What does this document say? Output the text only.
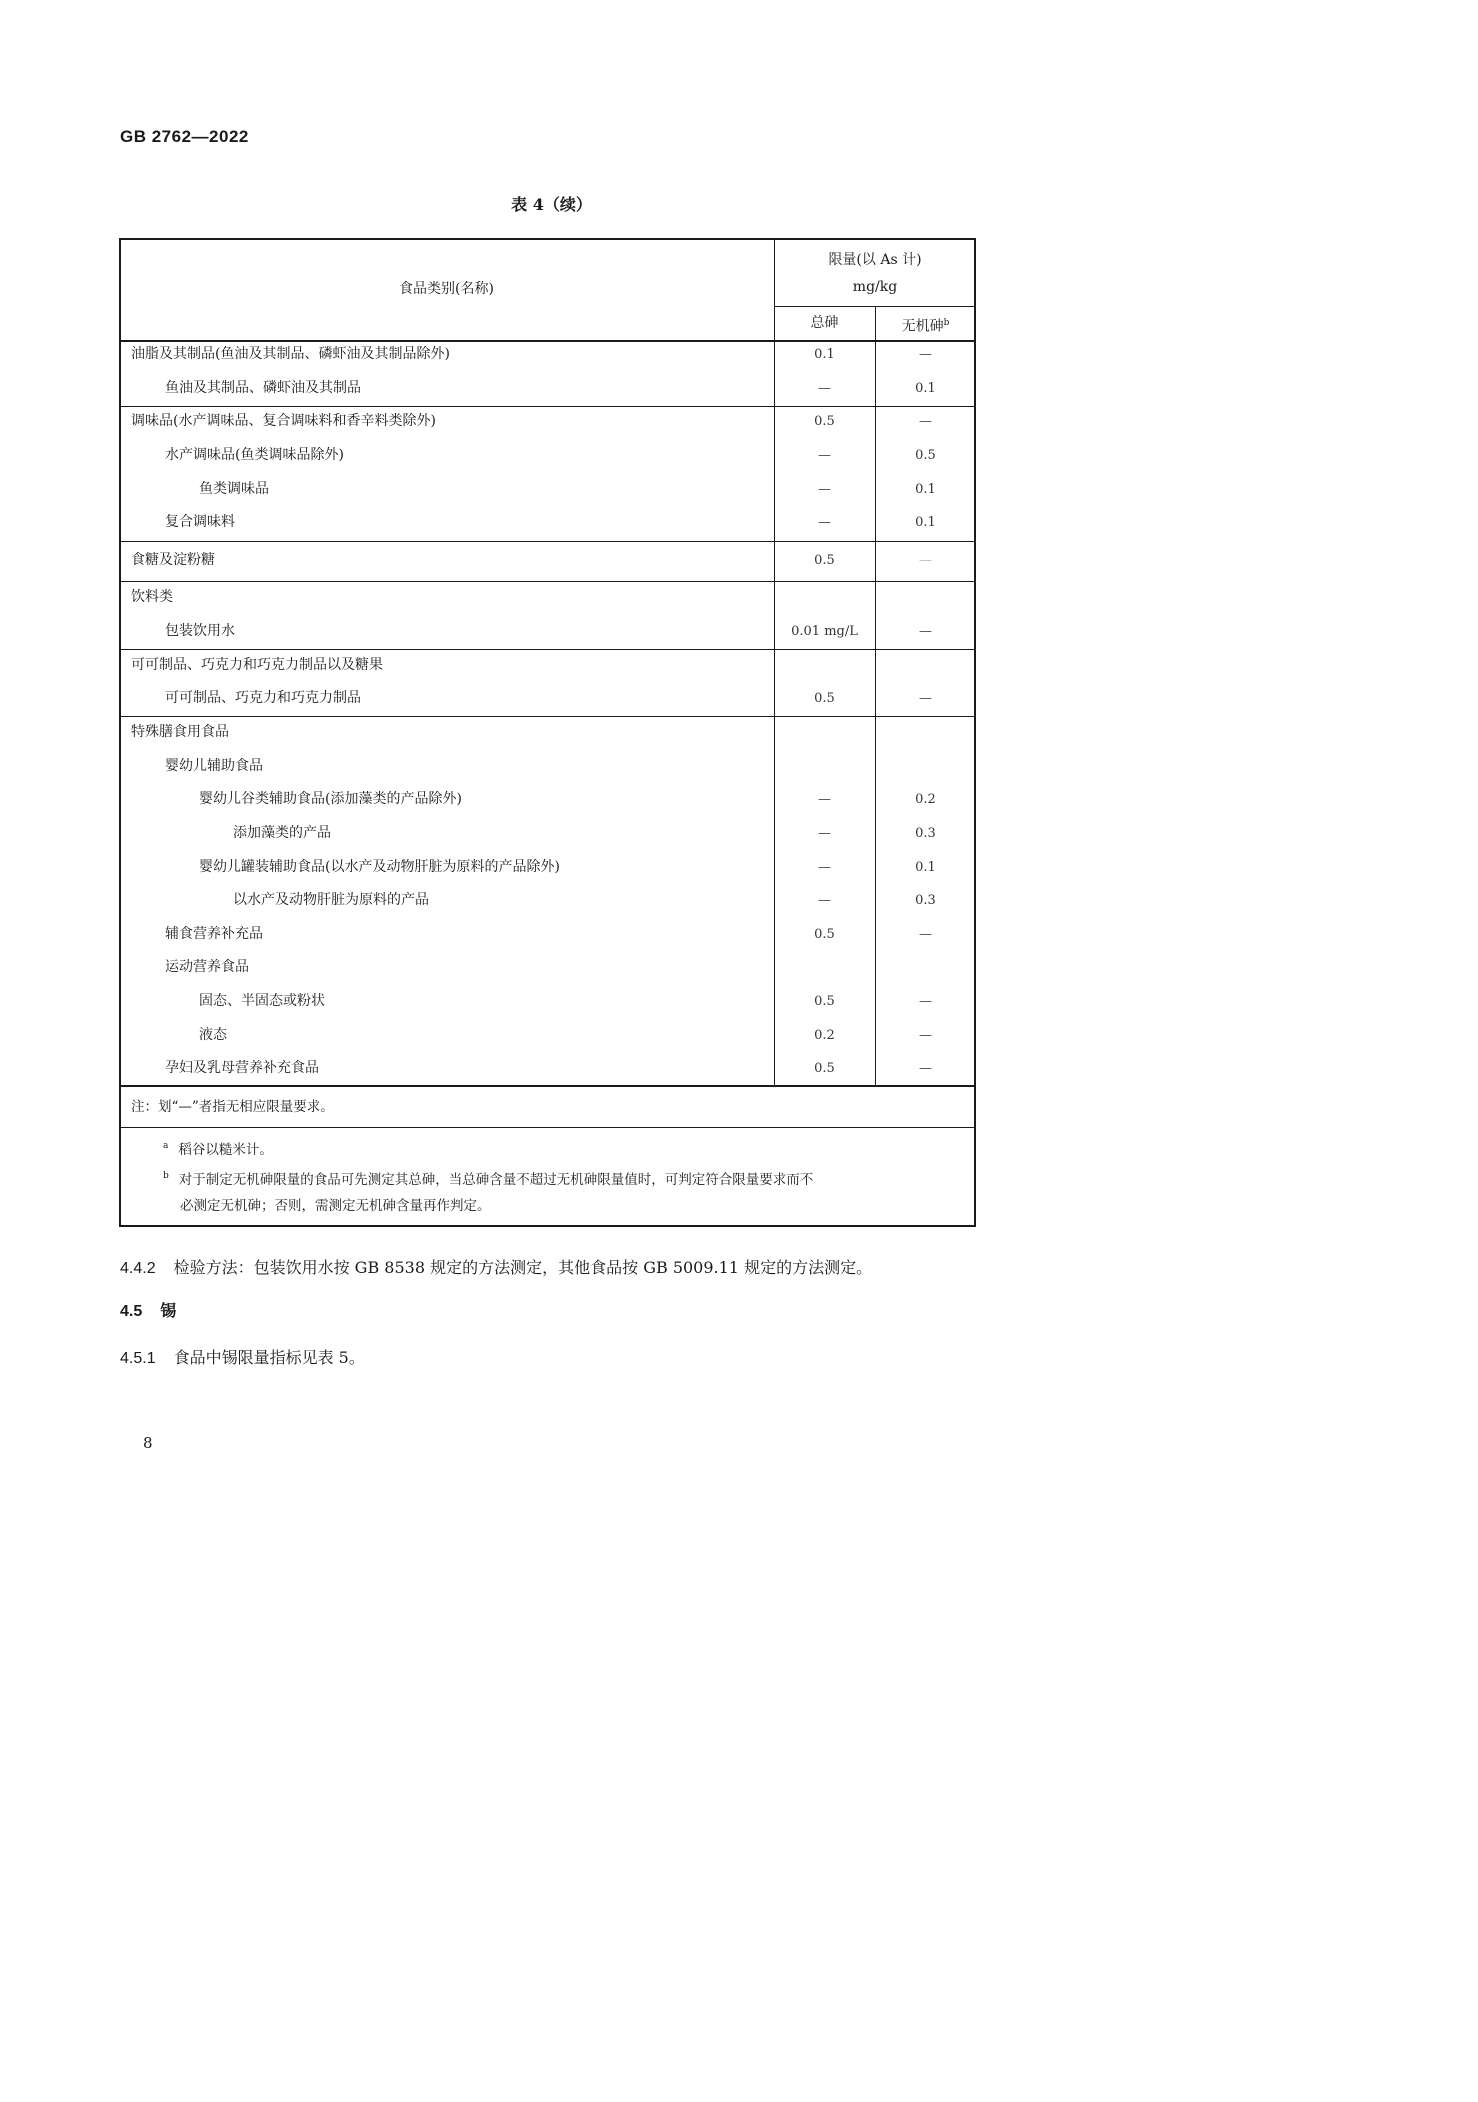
GB 2762—2022
表 4（续）
食品类别(名称)
限量(以 As 计)
mg/kg
总砷	无机砷$^b$
油脂及其制品(鱼油及其制品、磷虾油及其制品除外)	0.1	—
鱼油及其制品、磷虾油及其制品	—	0.1
调味品(水产调味品、复合调味料和香辛料类除外)	0.5	—
水产调味品(鱼类调味品除外)	—	0.5
鱼类调味品	—	0.1
复合调味料	—	0.1
食糖及淀粉糖	0.5	—
饮料类
包装饮用水	0.01 mg/L	—
可可制品、巧克力和巧克力制品以及糖果
可可制品、巧克力和巧克力制品	0.5	—
特殊膳食用食品
婴幼儿辅助食品
婴幼儿谷类辅助食品(添加藻类的产品除外)	—	0.2
添加藻类的产品	—	0.3
婴幼儿罐装辅助食品(以水产及动物肝脏为原料的产品除外)	—	0.1
以水产及动物肝脏为原料的产品	—	0.3
辅食营养补充品	0.5	—
运动营养食品
固态、半固态或粉状	0.5	—
液态	0.2	—
孕妇及乳母营养补充食品	0.5	—
注：划“—”者指无相应限量要求。
$^a$ 稻谷以糙米计。
$^b$ 对于制定无机砷限量的食品可先测定其总砷，当总砷含量不超过无机砷限量值时，可判定符合限量要求而不
必测定无机砷；否则，需测定无机砷含量再作判定。
4.4.2 检验方法：包装饮用水按 GB 8538 规定的方法测定，其他食品按 GB 5009.11 规定的方法测定。
4.5 锡
4.5.1 食品中锡限量指标见表 5。
8
